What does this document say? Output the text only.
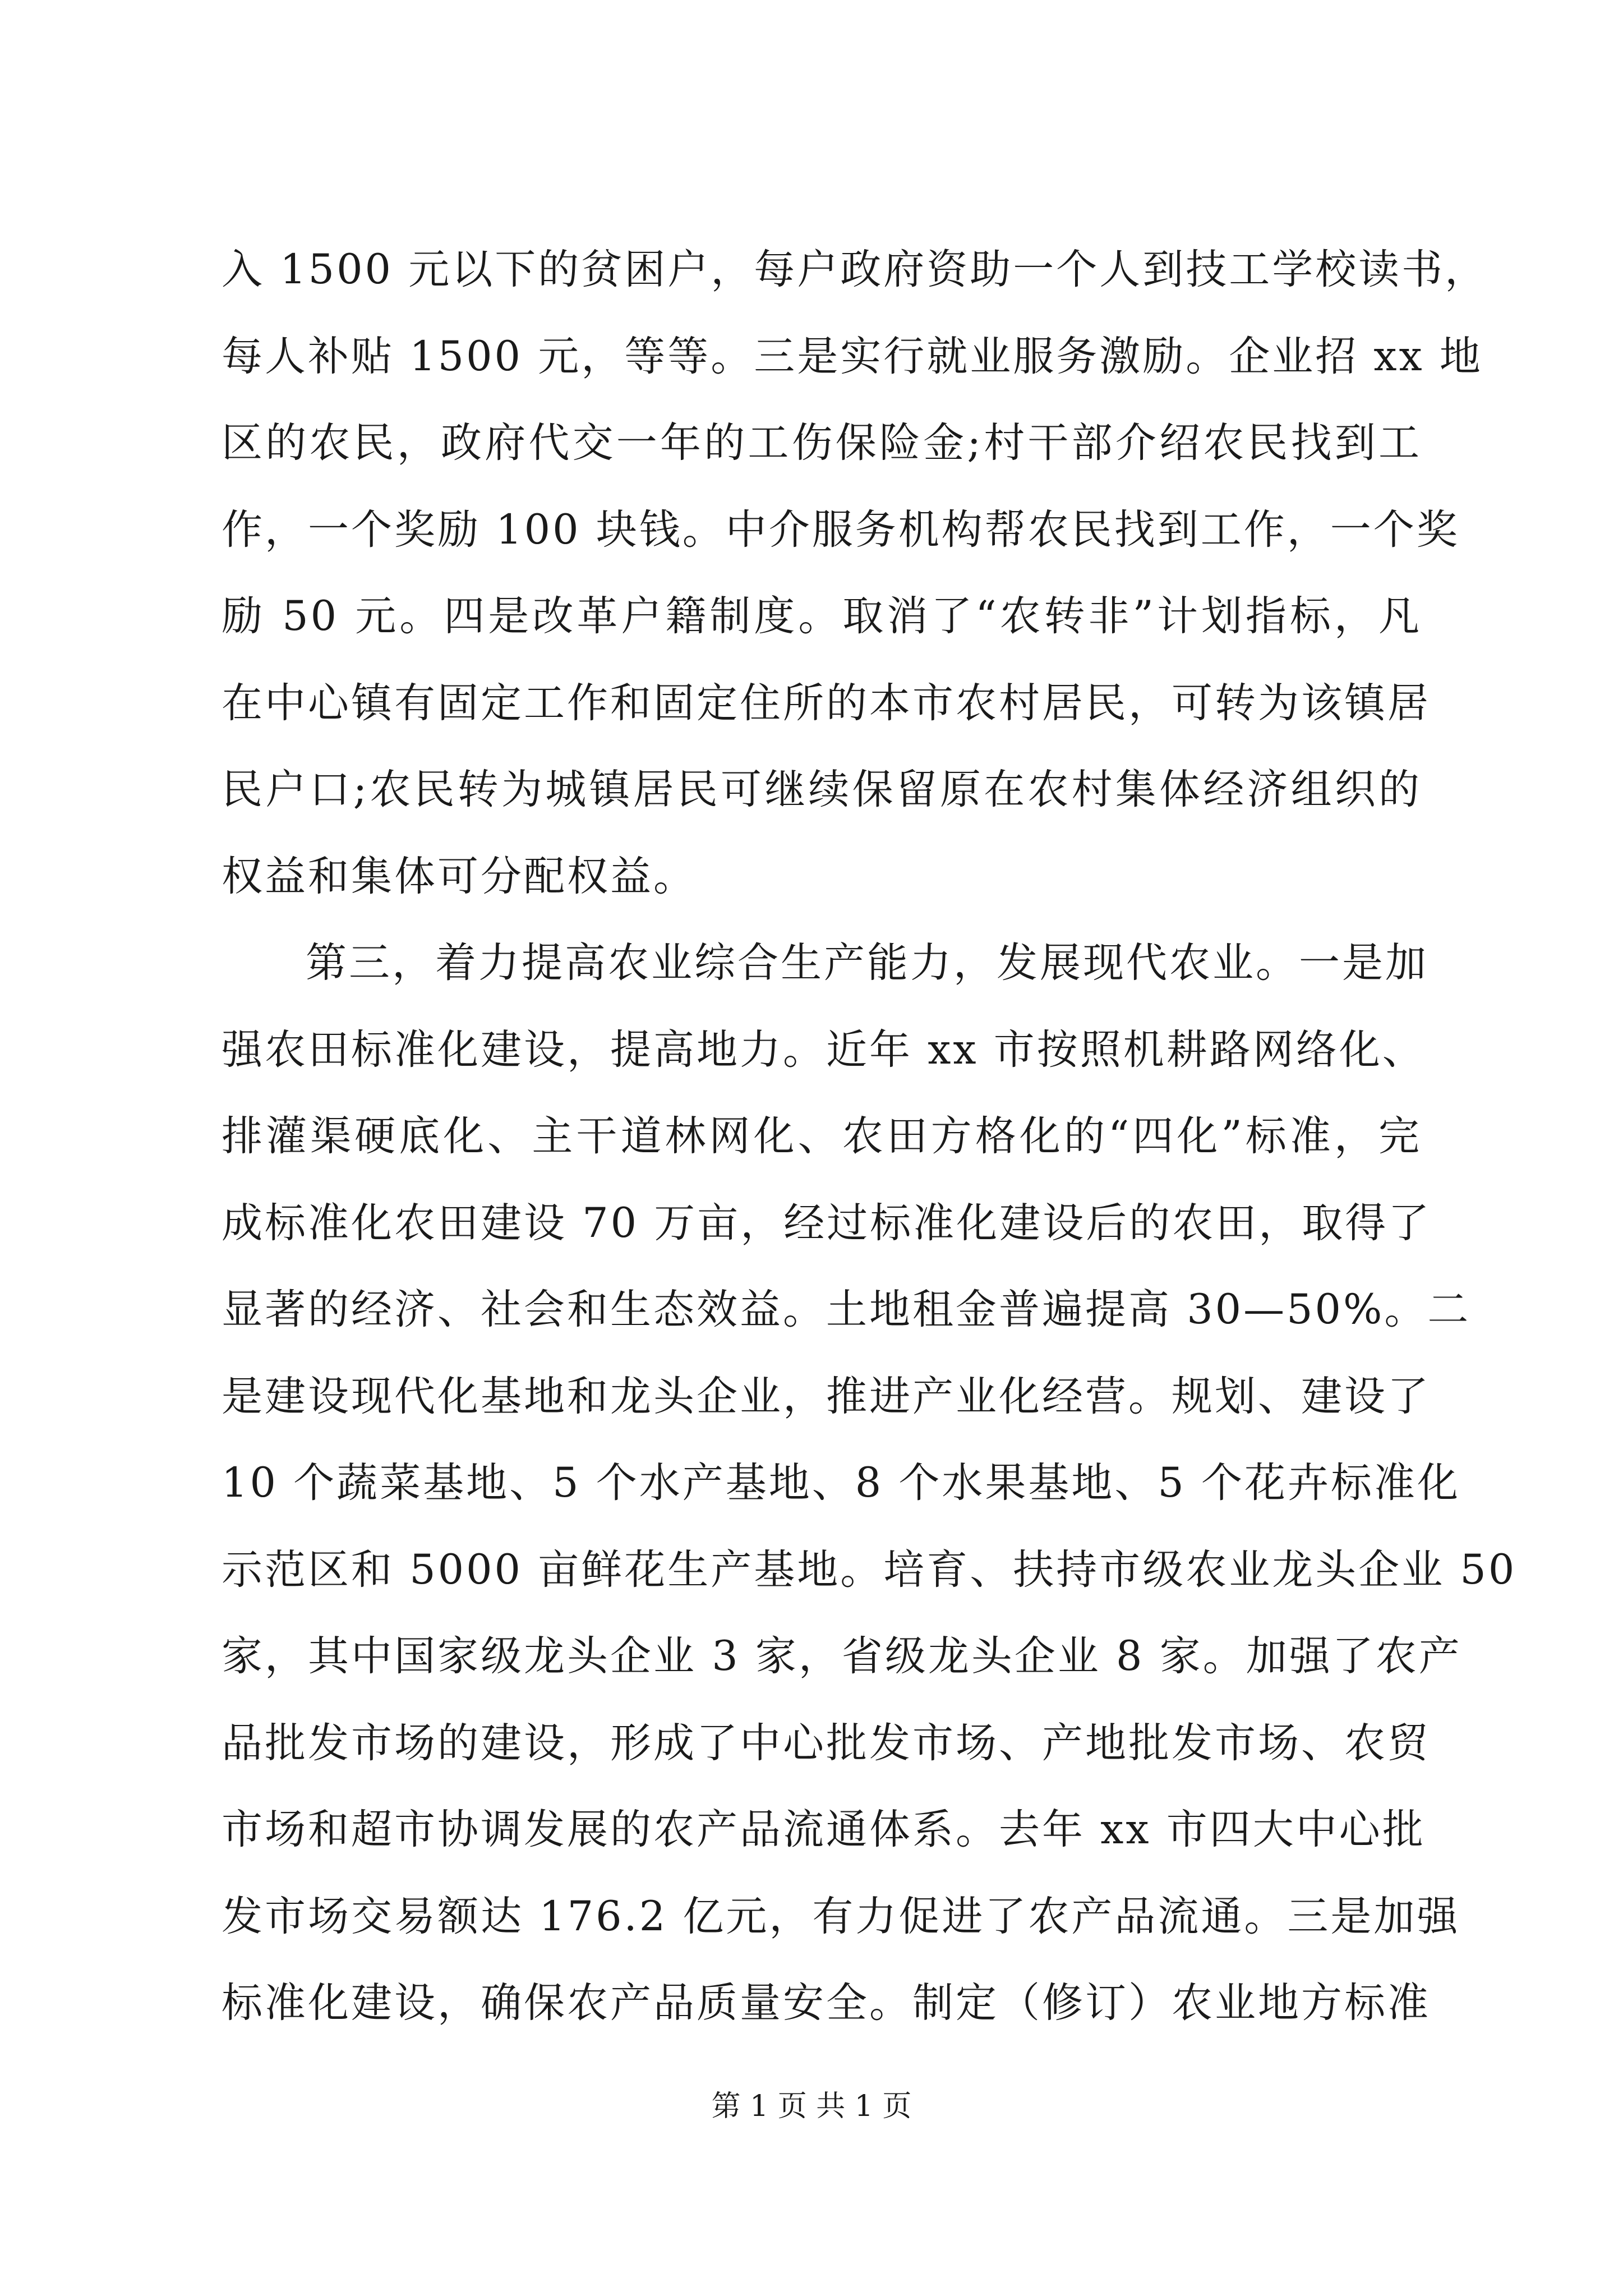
入 1500 元以下的贫困户，每户政府资助一个人到技工学校读书，
每人补贴 1500 元，等等。三是实行就业服务激励。企业招 xx 地
区的农民，政府代交一年的工伤保险金;村干部介绍农民找到工
作，一个奖励 100 块钱。中介服务机构帮农民找到工作，一个奖
励 50 元。四是改革户籍制度。取消了“农转非”计划指标，凡
在中心镇有固定工作和固定住所的本市农村居民，可转为该镇居
民户口;农民转为城镇居民可继续保留原在农村集体经济组织的
权益和集体可分配权益。
第三，着力提高农业综合生产能力，发展现代农业。一是加
强农田标准化建设，提高地力。近年 xx 市按照机耕路网络化、
排灌渠硬底化、主干道林网化、农田方格化的“四化”标准，完
成标准化农田建设 70 万亩，经过标准化建设后的农田，取得了
显著的经济、社会和生态效益。土地租金普遍提高 30—50%。二
是建设现代化基地和龙头企业，推进产业化经营。规划、建设了
10 个蔬菜基地、5 个水产基地、8 个水果基地、5 个花卉标准化
示范区和 5000 亩鲜花生产基地。培育、扶持市级农业龙头企业 50
家，其中国家级龙头企业 3 家，省级龙头企业 8 家。加强了农产
品批发市场的建设，形成了中心批发市场、产地批发市场、农贸
市场和超市协调发展的农产品流通体系。去年 xx 市四大中心批
发市场交易额达 176.2 亿元，有力促进了农产品流通。三是加强
标准化建设，确保农产品质量安全。制定（修订）农业地方标准
第 1 页 共 1 页
